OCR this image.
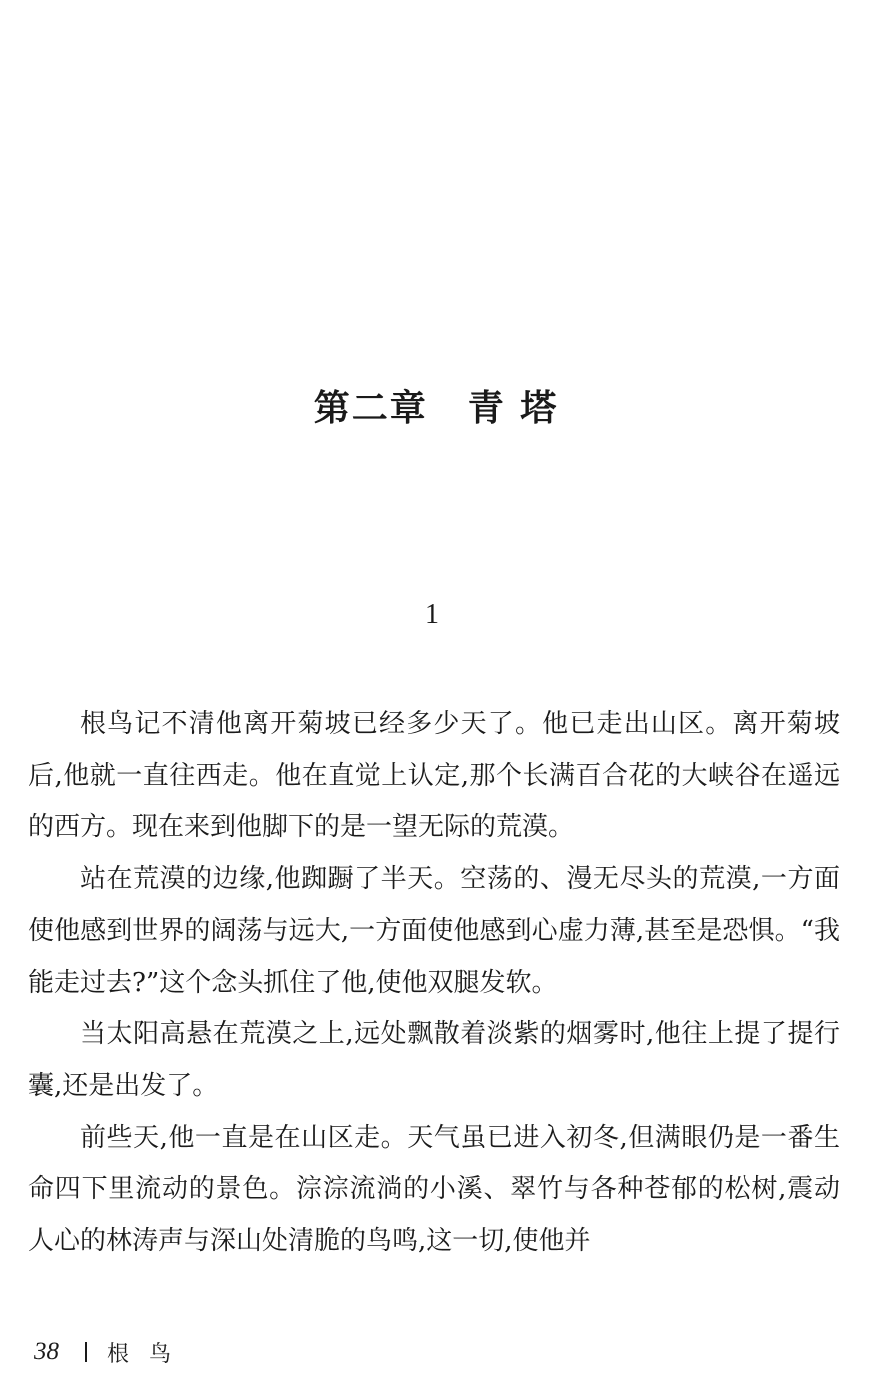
第二章 青 塔
1

根鸟记不清他离开菊坡已经多少天了。他已走出山区。离开菊坡后,他就一直往西走。他在直觉上认定,那个长满百合花的大峡谷在遥远的西方。现在来到他脚下的是一望无际的荒漠。

站在荒漠的边缘,他踟蹰了半天。空荡的、漫无尽头的荒漠,一方面使他感到世界的阔荡与远大,一方面使他感到心虚力薄,甚至是恐惧。“我能走过去?”这个念头抓住了他,使他双腿发软。

当太阳高悬在荒漠之上,远处飘散着淡紫的烟雾时,他往上提了提行囊,还是出发了。

前些天,他一直是在山区走。天气虽已进入初冬,但满眼仍是一番生命四下里流动的景色。淙淙流淌的小溪、翠竹与各种苍郁的松树,震动人心的林涛声与深山处清脆的鸟鸣,这一切,使他并

38 根鸟
